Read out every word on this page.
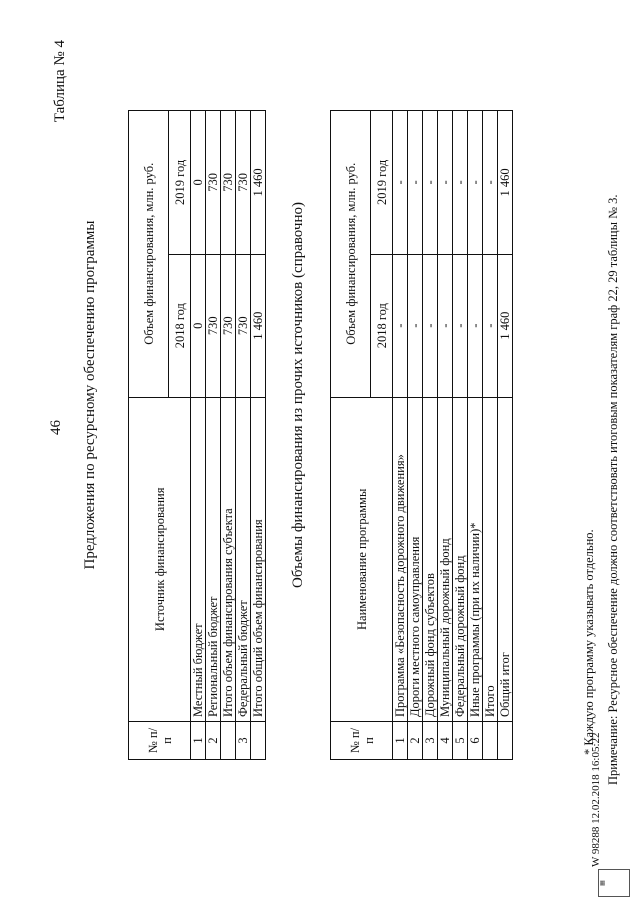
46
Таблица № 4
Предложения по ресурсному обеспечению программы
№ п/п	Источник финансирования	Объем финансирования, млн. руб.	
		2018 год	2019 год
1	Местный бюджет	0	0
2	Региональный бюджет	730	730
	Итого объем финансирования субъекта	730	730
3	Федеральный бюджет	730	730
	Итого общий объем финансирования	1 460	1 460
Объемы финансирования из прочих источников (справочно)
№ п/п	Наименование программы	Объем финансирования, млн. руб.	
		2018 год	2019 год
1	Программа «Безопасность дорожного движения»	-	-
2	Дороги местного самоуправления	-	-
3	Дорожный фонд субъектов	-	-
4	Муниципальный дорожный фонд	-	-
5	Федеральный дорожный фонд	-	-
6	Иные программы (при их наличии)*	-	-
	Итого	-	-
	Общий итог	1 460	1 460
* Каждую программу указывать отдельно. Примечание: Ресурсное обеспечение должно соответствовать итоговым показателям граф 22, 29 таблицы № 3.
▦
W 98288 12.02.2018 16:05:22
